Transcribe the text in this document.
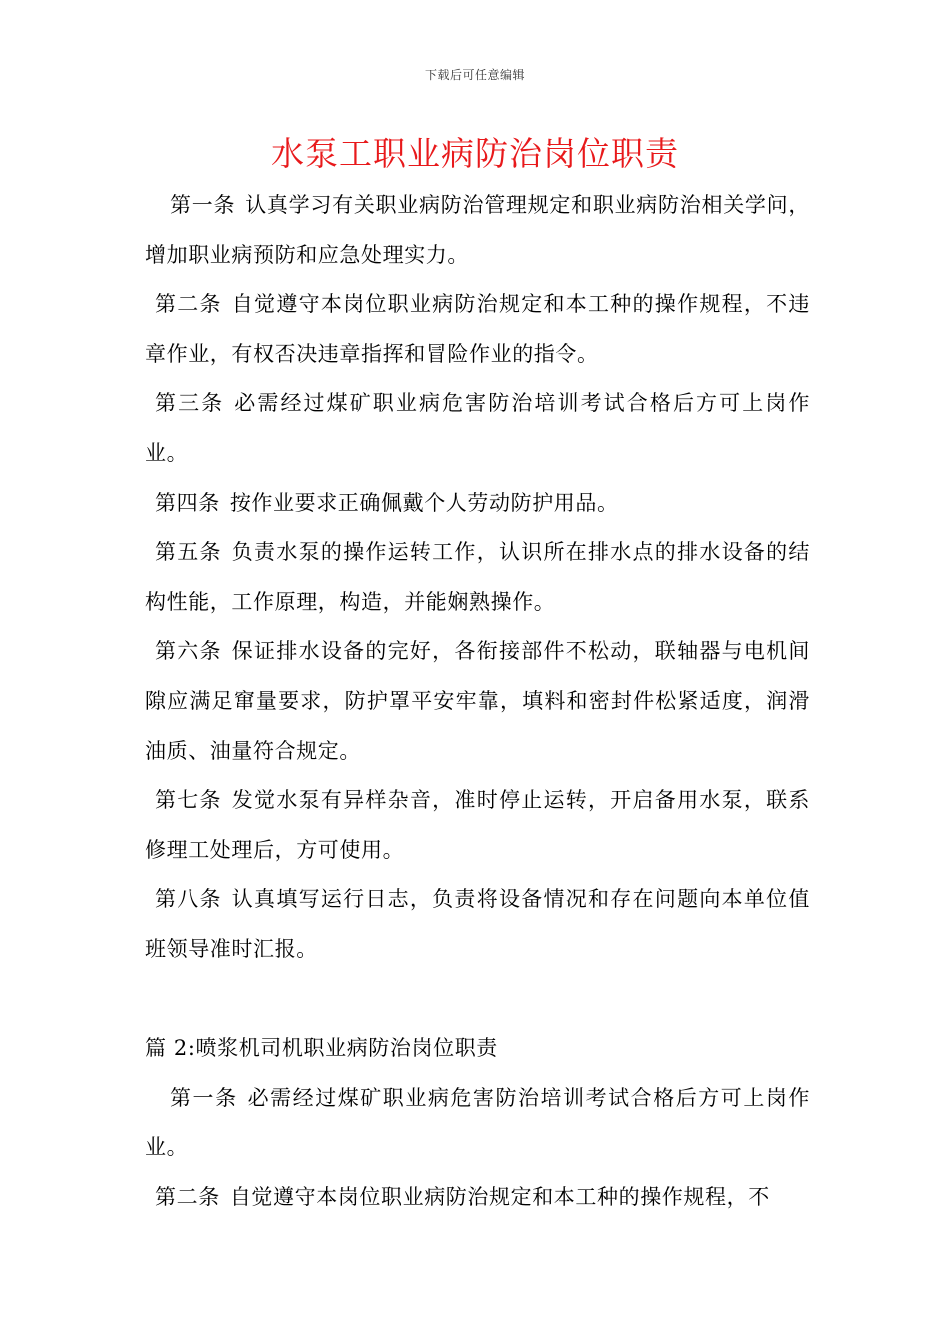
下载后可任意编辑
水泵工职业病防治岗位职责

第一条 认真学习有关职业病防治管理规定和职业病防治相关学问，增加职业病预防和应急处理实力。

第二条 自觉遵守本岗位职业病防治规定和本工种的操作规程，不违章作业，有权否决违章指挥和冒险作业的指令。

第三条 必需经过煤矿职业病危害防治培训考试合格后方可上岗作业。

第四条 按作业要求正确佩戴个人劳动防护用品。

第五条 负责水泵的操作运转工作，认识所在排水点的排水设备的结构性能，工作原理，构造，并能娴熟操作。

第六条 保证排水设备的完好，各衔接部件不松动，联轴器与电机间隙应满足窜量要求，防护罩平安牢靠，填料和密封件松紧适度，润滑油质、油量符合规定。

第七条 发觉水泵有异样杂音，准时停止运转，开启备用水泵，联系修理工处理后，方可使用。

第八条 认真填写运行日志，负责将设备情况和存在问题向本单位值班领导准时汇报。

篇 2:喷浆机司机职业病防治岗位职责

第一条 必需经过煤矿职业病危害防治培训考试合格后方可上岗作业。

第二条 自觉遵守本岗位职业病防治规定和本工种的操作规程，不
